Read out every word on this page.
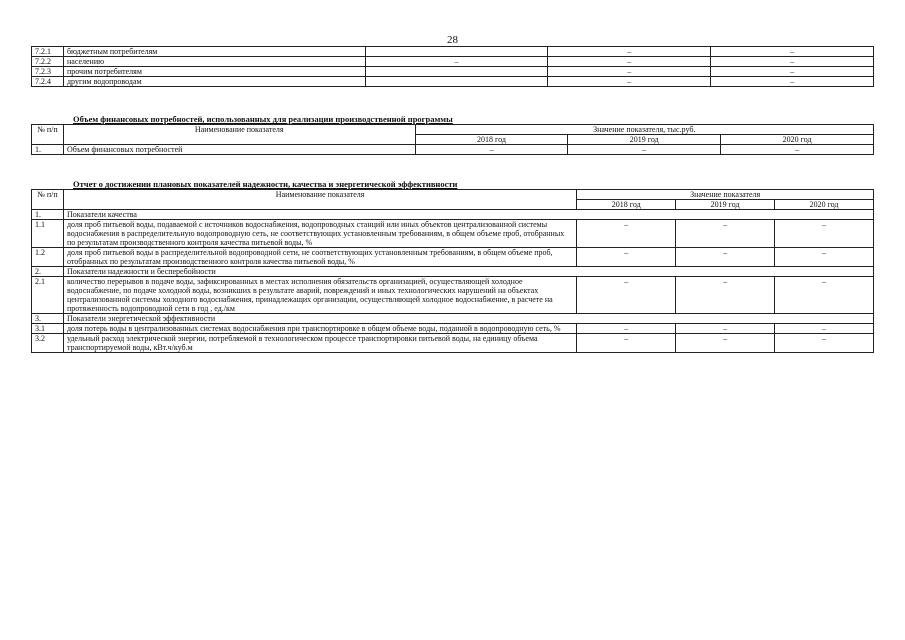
28
7.2.1	бюджетным потребителям		–	–
7.2.2	населению	–	–	–
7.2.3	прочим потребителям		–	–
7.2.4	другим водопроводам		–	–
Объем финансовых потребностей, использованных для реализации производственной программы
№ п/п	Наименование показателя	Значение показателя, тыс.руб.		
		2018 год	2019 год	2020 год
1.	Объем финансовых потребностей	–	–	–
Отчет о достижении плановых показателей надежности, качества и энергетической эффективности
№ п/п	Наименование показателя	Значение показателя		
		2018 год	2019 год	2020 год
1.	Показатели качества			
1.1	доля проб питьевой воды, подаваемой с источников водоснабжения, водопроводных станций или иных объектов централизованной системы водоснабжения в распределительную водопроводную сеть, не соответствующих установленным требованиям, в общем объеме проб, отобранных по результатам производственного контроля качества питьевой воды, %	–	–	–
1.2	доля проб питьевой воды в распределительной водопроводной сети, не соответствующих установленным требованиям, в общем объеме проб, отобранных по результатам производственного контроля качества питьевой воды, %	–	–	–
2.	Показатели надежности и бесперебойности			
2.1	количество перерывов в подаче воды, зафиксированных в местах исполнения обязательств организацией, осуществляющей холодное водоснабжение, по подаче холодной воды, возникших в результате аварий, повреждений и иных технологических нарушений на объектах централизованной системы холодного водоснабжения, принадлежащих организации, осуществляющей холодное водоснабжение, в расчете на протяженность водопроводной сети в год , ед./км	–	–	–
3.	Показатели энергетической эффективности			
3.1	доля потерь воды в централизованных системах водоснабжения при транспортировке в общем объеме воды, поданной в водопроводную сеть, %	–	–	–
3.2	удельный расход электрической энергии, потребляемой в технологическом процессе транспортировки питьевой воды, на единицу объема транспортируемой воды, кВт.ч/куб.м	–	–	–
